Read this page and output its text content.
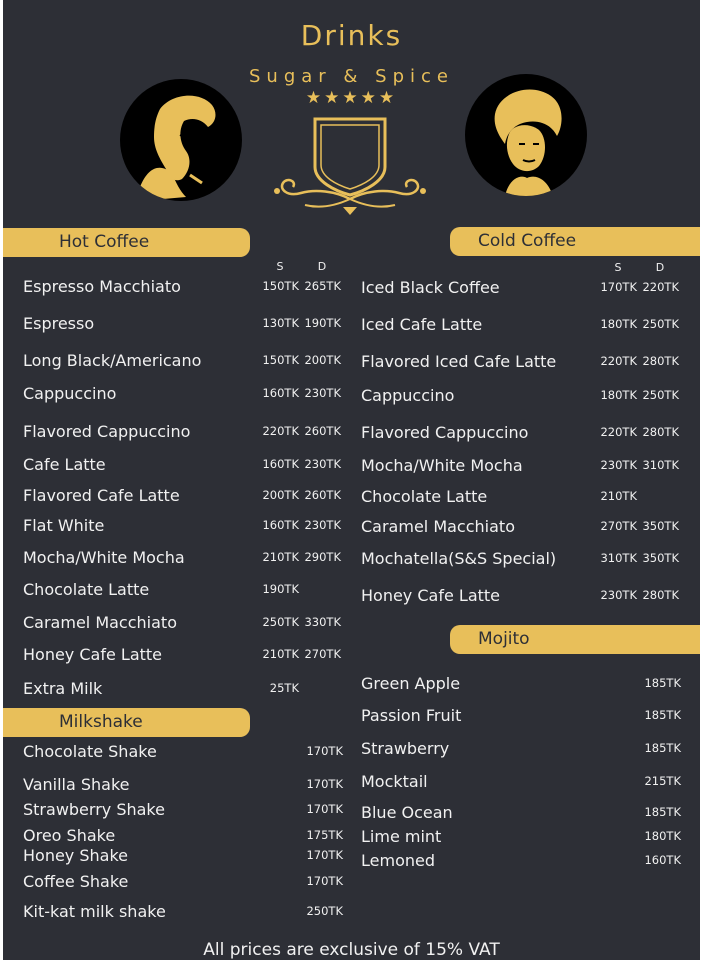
Drinks
Sugar & Spice
★★★★★
Hot Coffee	Cold Coffee
Milkshake
Mojito
S	D	S	D
Espresso Macchiato	150TK 265TK
Espresso	130TK 190TK
Long Black/Americano	150TK 200TK
Cappuccino	160TK 230TK
Flavored Cappuccino	220TK 260TK
Cafe Latte	160TK 230TK
Flavored Cafe Latte	200TK 260TK
Flat White	160TK 230TK
Mocha/White Mocha	210TK 290TK
Chocolate Latte	190TK
Caramel Macchiato	250TK 330TK
Honey Cafe Latte	210TK 270TK
Extra Milk	25TK
Iced Black Coffee	170TK 220TK
Iced Cafe Latte	180TK 250TK
Flavored Iced Cafe Latte	220TK 280TK
Cappuccino	180TK 250TK
Flavored Cappuccino	220TK 280TK
Mocha/White Mocha	230TK 310TK
Chocolate Latte	210TK
Caramel Macchiato	270TK 350TK
Mochatella(S&S Special)	310TK 350TK
Honey Cafe Latte	230TK 280TK
Chocolate Shake	170TK
Vanilla Shake	170TK
Strawberry Shake	170TK
Oreo Shake	175TK
Honey Shake	170TK
Coffee Shake	170TK
Kit-kat milk shake	250TK
Green Apple	185TK
Passion Fruit	185TK
Strawberry	185TK
Mocktail	215TK
Blue Ocean	185TK
Lime mint	180TK
Lemoned	160TK
All prices are exclusive of 15% VAT
